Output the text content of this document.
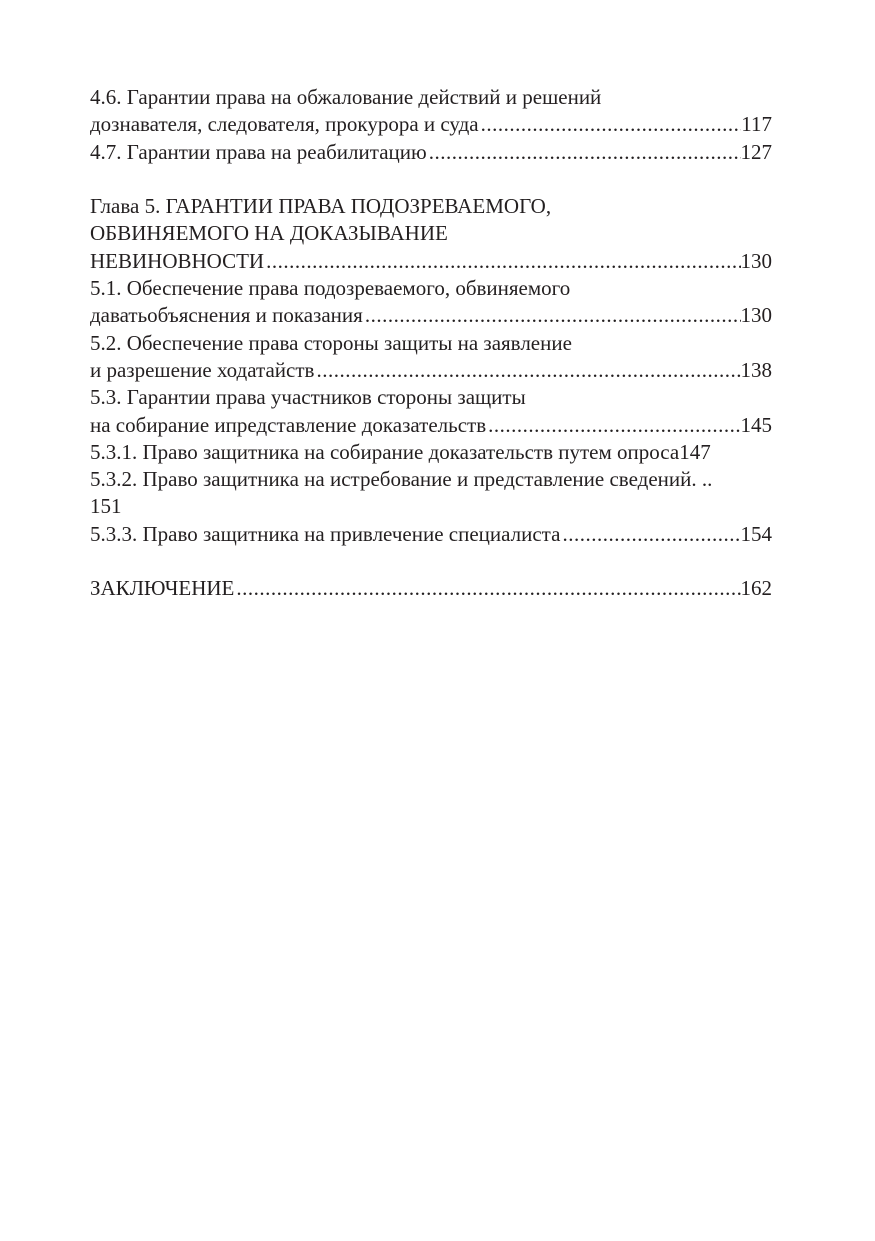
4.6. Гарантии права на обжалование действий и решений
дознавателя, следователя, прокурора и суда .....	117
4.7. Гарантии права на реабилитацию .....	127
Глава 5. ГАРАНТИИ ПРАВА ПОДОЗРЕВАЕМОГО,
ОБВИНЯЕМОГО НА ДОКАЗЫВАНИЕ
НЕВИНОВНОСТИ .....	130
5.1. Обеспечение права подозреваемого, обвиняемого
даватьобъяснения и показания .....	130
5.2. Обеспечение права стороны защиты на заявление
и разрешение ходатайств .....	138
5.3. Гарантии права участников стороны защиты
на собирание ипредставление доказательств .....	145
5.3.1. Право защитника на собирание доказательств путем опроса 147
5.3.2. Право защитника на истребование и представление сведений. ..
151
5.3.3. Право защитника на привлечение специалиста .....	154
ЗАКЛЮЧЕНИЕ .....	162
